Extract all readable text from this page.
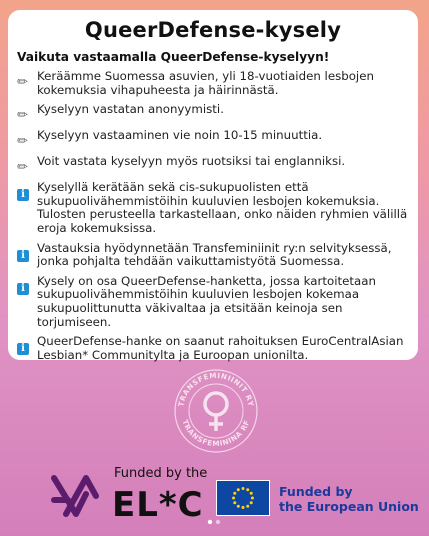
QueerDefense-kysely
Vaikuta vastaamalla QueerDefense-kyselyyn!
✏ Keräämme Suomessa asuvien, yli 18-vuotiaiden lesbojen kokemuksia vihapuheesta ja häirinnästä.
✏ Kyselyyn vastatan anonyymisti.
✏ Kyselyyn vastaaminen vie noin 10-15 minuuttia.
✏ Voit vastata kyselyyn myös ruotsiksi tai englanniksi.
i
Kyselyllä kerätään sekä cis-sukupuolisten että sukupuolivähemmistöihin kuuluvien lesbojen kokemuksia. Tulosten perusteella tarkastellaan, onko näiden ryhmien välillä eroja kokemuksissa.
i
Vastauksia hyödynnetään Transfeminiinit ry:n selvityksessä, jonka pohjalta tehdään vaikuttamistyötä Suomessa.
i
Kysely on osa QueerDefense-hanketta, jossa kartoitetaan sukupuolivähemmistöihin kuuluvien lesbojen kokemaa sukupuolittunutta väkivaltaa ja etsitään keinoja sen torjumiseen.
i
QueerDefense-hanke on saanut rahoituksen EuroCentralAsian Lesbian* Communitylta ja Euroopan unionilta.
TRANSFEMINIINIT RY
TRANSFEMININA RF
Funded by the
EL*C	Funded by
the European Union
